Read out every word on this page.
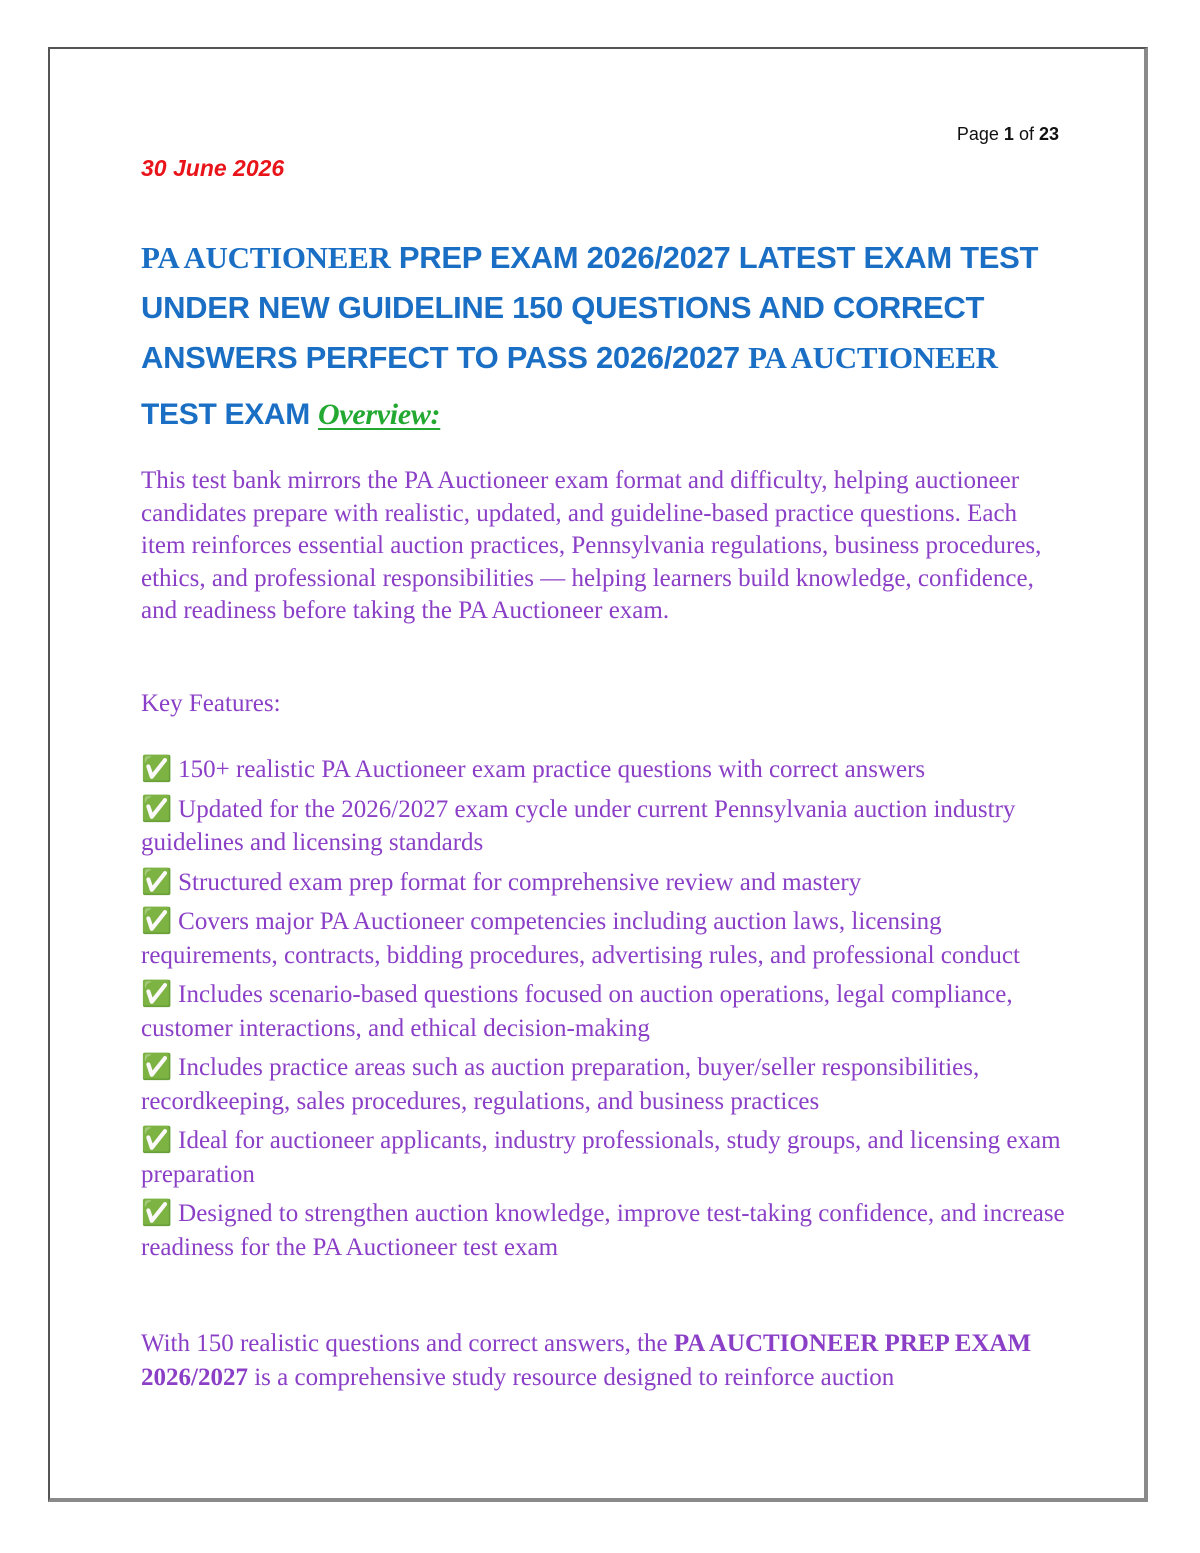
Page 1 of 23
30 June 2026
PA AUCTIONEER PREP EXAM 2026/2027 LATEST EXAM TEST UNDER NEW GUIDELINE 150 QUESTIONS AND CORRECT ANSWERS PERFECT TO PASS 2026/2027 PA AUCTIONEER
TEST EXAM Overview:

This test bank mirrors the PA Auctioneer exam format and difficulty, helping auctioneer candidates prepare with realistic, updated, and guideline-based practice questions. Each item reinforces essential auction practices, Pennsylvania regulations, business procedures, ethics, and professional responsibilities — helping learners build knowledge, confidence, and readiness before taking the PA Auctioneer exam.

Key Features:

✅ 150+ realistic PA Auctioneer exam practice questions with correct answers
✅ Updated for the 2026/2027 exam cycle under current Pennsylvania auction industry guidelines and licensing standards
✅ Structured exam prep format for comprehensive review and mastery
✅ Covers major PA Auctioneer competencies including auction laws, licensing requirements, contracts, bidding procedures, advertising rules, and professional conduct
✅ Includes scenario-based questions focused on auction operations, legal compliance, customer interactions, and ethical decision-making
✅ Includes practice areas such as auction preparation, buyer/seller responsibilities, recordkeeping, sales procedures, regulations, and business practices
✅ Ideal for auctioneer applicants, industry professionals, study groups, and licensing exam preparation
✅ Designed to strengthen auction knowledge, improve test-taking confidence, and increase readiness for the PA Auctioneer test exam

With 150 realistic questions and correct answers, the PA AUCTIONEER PREP EXAM 2026/2027 is a comprehensive study resource designed to reinforce auction
